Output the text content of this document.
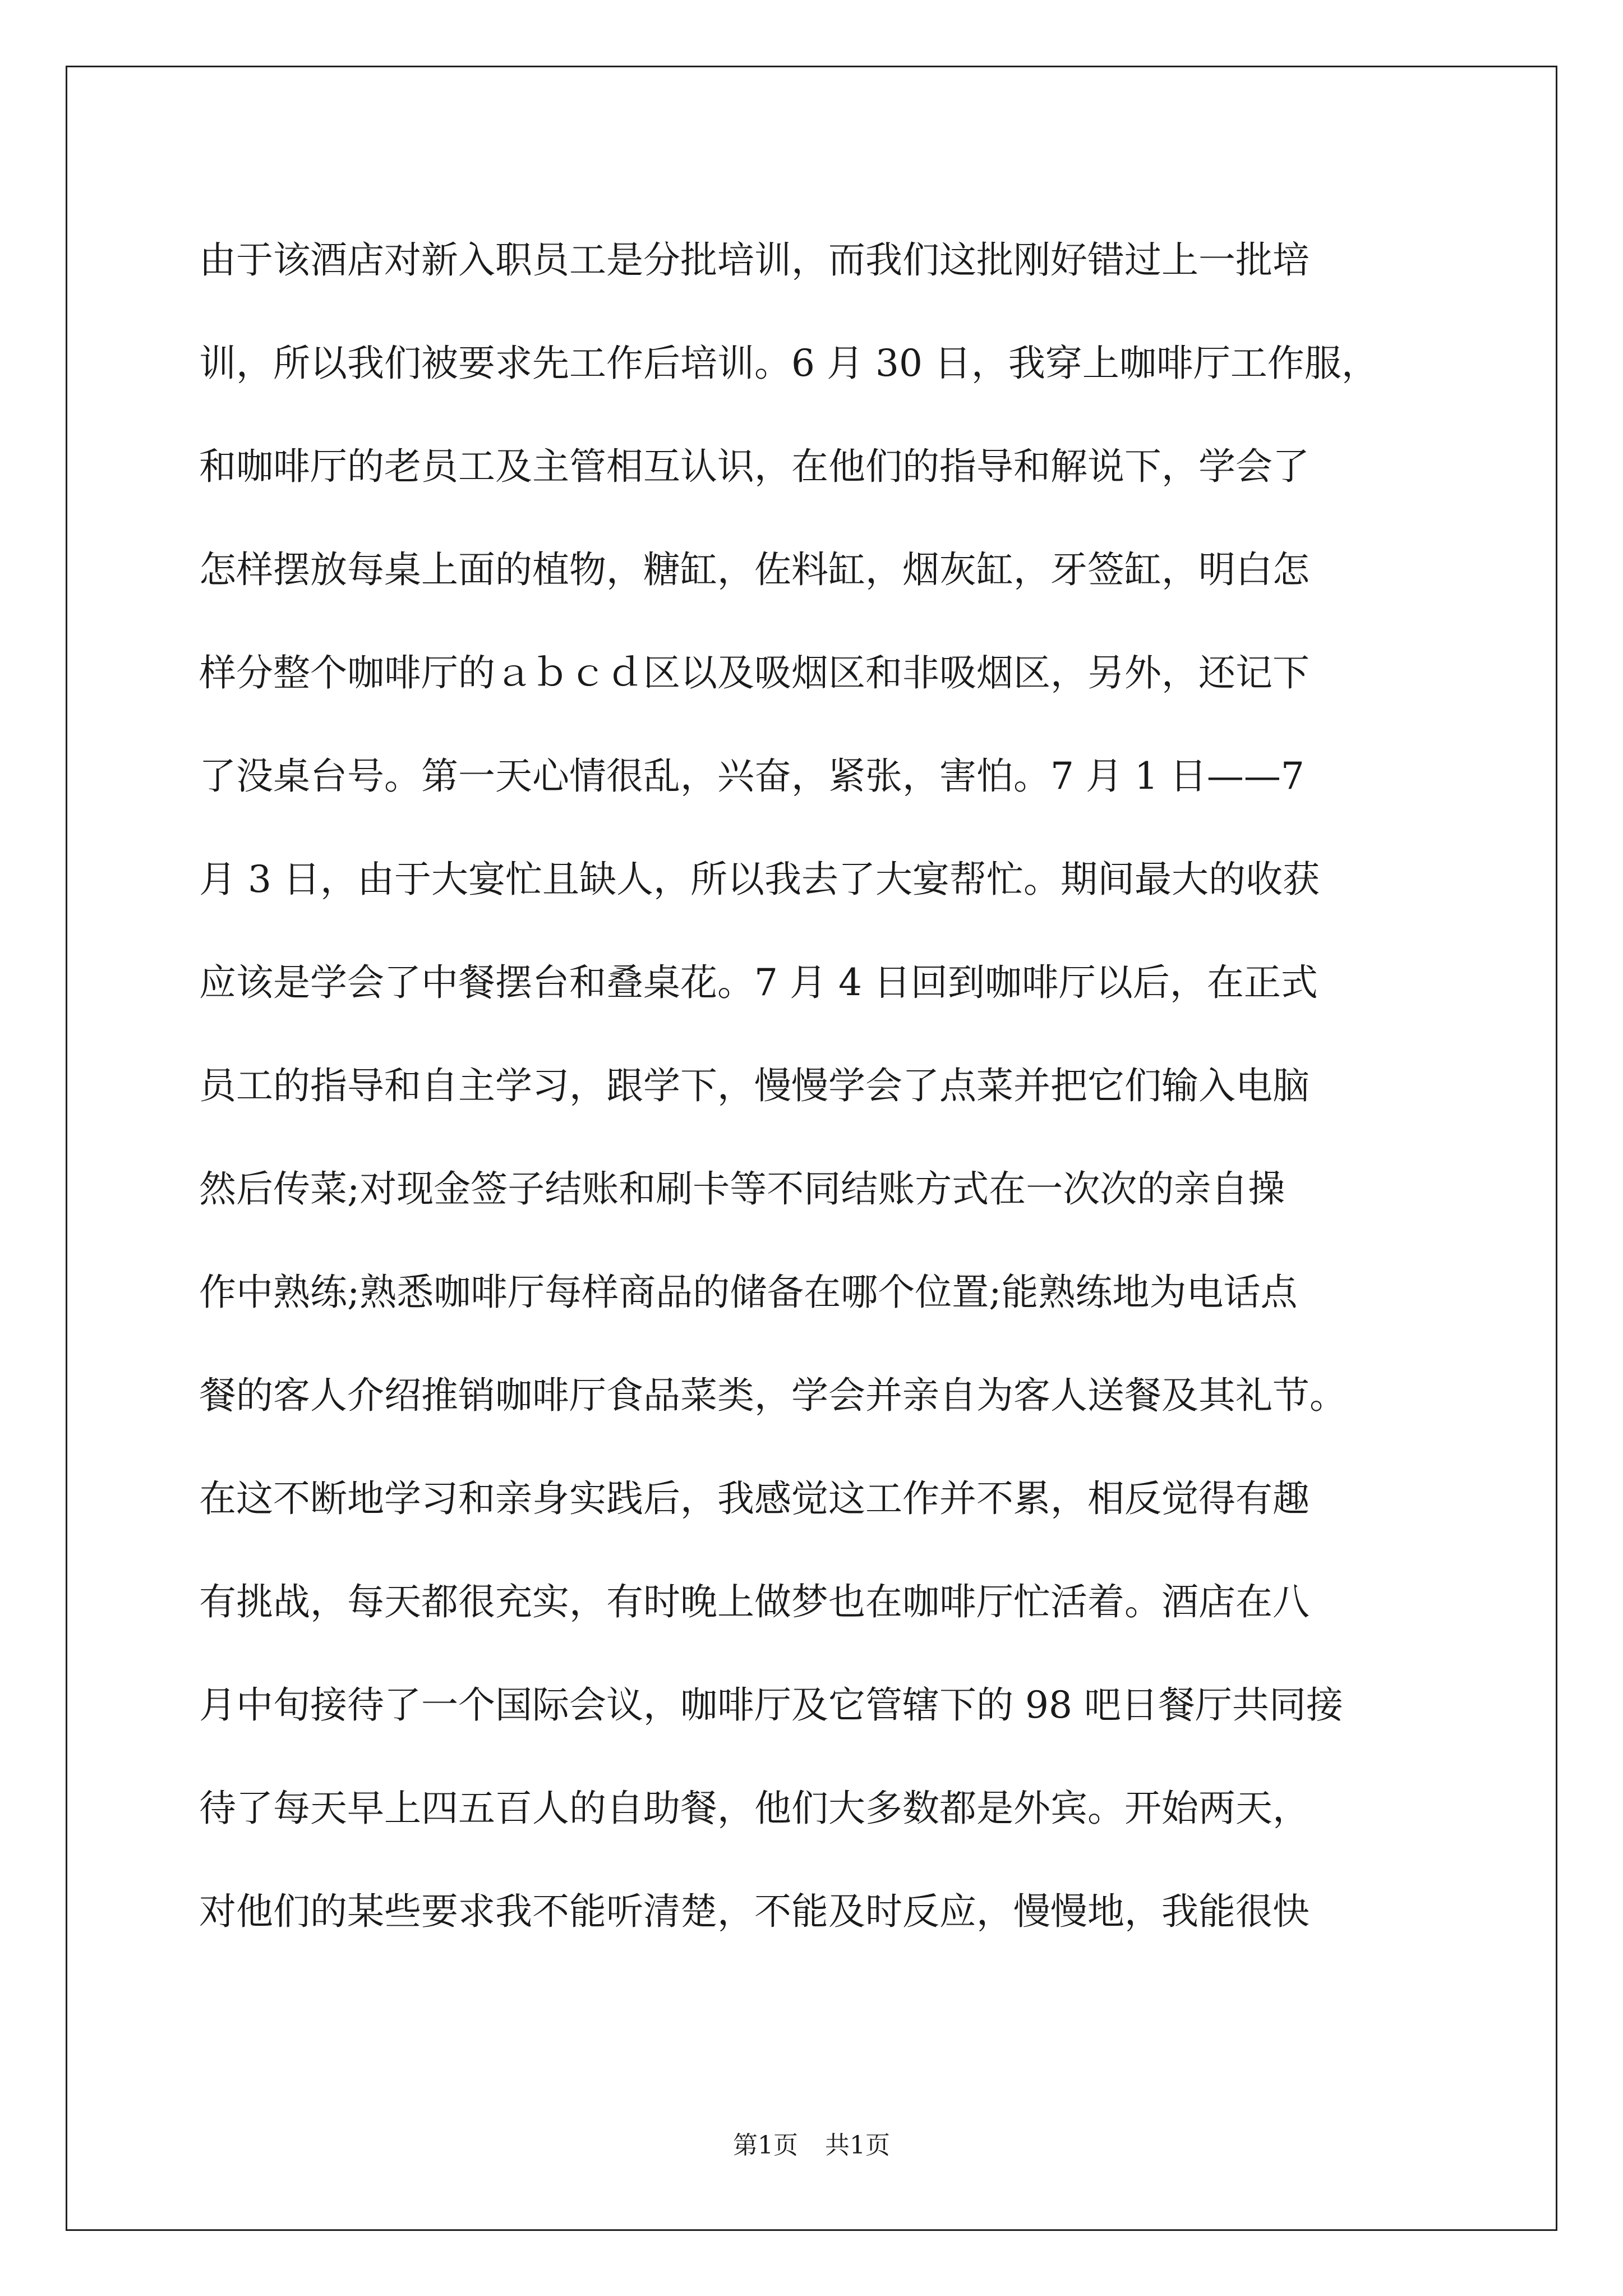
由于该酒店对新入职员工是分批培训，而我们这批刚好错过上一批培
训，所以我们被要求先工作后培训。6 月 30 日，我穿上咖啡厅工作服，
和咖啡厅的老员工及主管相互认识，在他们的指导和解说下，学会了
怎样摆放每桌上面的植物，糖缸，佐料缸，烟灰缸，牙签缸，明白怎
样分整个咖啡厅的ａｂｃｄ区以及吸烟区和非吸烟区，另外，还记下
了没桌台号。第一天心情很乱，兴奋，紧张，害怕。7 月 1 日——7
月 3 日，由于大宴忙且缺人，所以我去了大宴帮忙。期间最大的收获
应该是学会了中餐摆台和叠桌花。7 月 4 日回到咖啡厅以后，在正式
员工的指导和自主学习，跟学下，慢慢学会了点菜并把它们输入电脑
然后传菜;对现金签子结账和刷卡等不同结账方式在一次次的亲自操
作中熟练;熟悉咖啡厅每样商品的储备在哪个位置;能熟练地为电话点
餐的客人介绍推销咖啡厅食品菜类，学会并亲自为客人送餐及其礼节。
在这不断地学习和亲身实践后，我感觉这工作并不累，相反觉得有趣
有挑战，每天都很充实，有时晚上做梦也在咖啡厅忙活着。酒店在八
月中旬接待了一个国际会议，咖啡厅及它管辖下的 98 吧日餐厅共同接
待了每天早上四五百人的自助餐，他们大多数都是外宾。开始两天，
对他们的某些要求我不能听清楚，不能及时反应，慢慢地，我能很快
第1页 共1页
